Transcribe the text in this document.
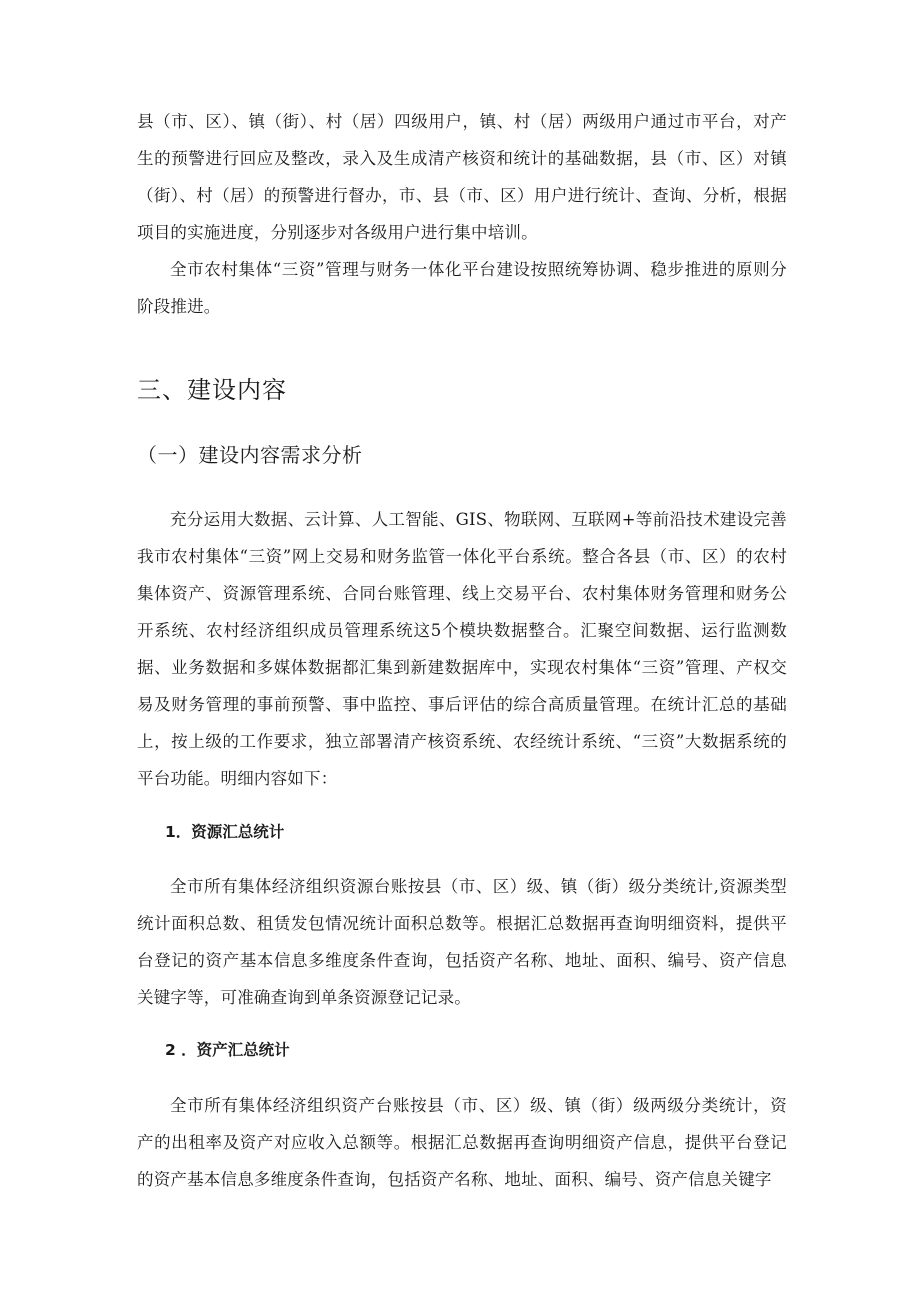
县（市、区）、镇（街）、村（居）四级用户，镇、村（居）两级用户通过市平台，对产生的预警进行回应及整改，录入及生成清产核资和统计的基础数据，县（市、区）对镇（街）、村（居）的预警进行督办，市、县（市、区）用户进行统计、查询、分析，根据项目的实施进度，分别逐步对各级用户进行集中培训。

全市农村集体“三资”管理与财务一体化平台建设按照统筹协调、稳步推进的原则分阶段推进。

三、建设内容
（一）建设内容需求分析

充分运用大数据、云计算、人工智能、GIS、物联网、互联网+等前沿技术建设完善我市农村集体“三资”网上交易和财务监管一体化平台系统。整合各县（市、区）的农村集体资产、资源管理系统、合同台账管理、线上交易平台、农村集体财务管理和财务公开系统、农村经济组织成员管理系统这5个模块数据整合。汇聚空间数据、运行监测数据、业务数据和多媒体数据都汇集到新建数据库中，实现农村集体“三资”管理、产权交易及财务管理的事前预警、事中监控、事后评估的综合高质量管理。在统计汇总的基础上，按上级的工作要求，独立部署清产核资系统、农经统计系统、“三资”大数据系统的平台功能。明细内容如下：

1．资源汇总统计

全市所有集体经济组织资源台账按县（市、区）级、镇（街）级分类统计,资源类型统计面积总数、租赁发包情况统计面积总数等。根据汇总数据再查询明细资料，提供平台登记的资产基本信息多维度条件查询，包括资产名称、地址、面积、编号、资产信息关键字等，可准确查询到单条资源登记记录。

2 ．资产汇总统计

全市所有集体经济组织资产台账按县（市、区）级、镇（街）级两级分类统计，资产的出租率及资产对应收入总额等。根据汇总数据再查询明细资产信息，提供平台登记的资产基本信息多维度条件查询，包括资产名称、地址、面积、编号、资产信息关键字
